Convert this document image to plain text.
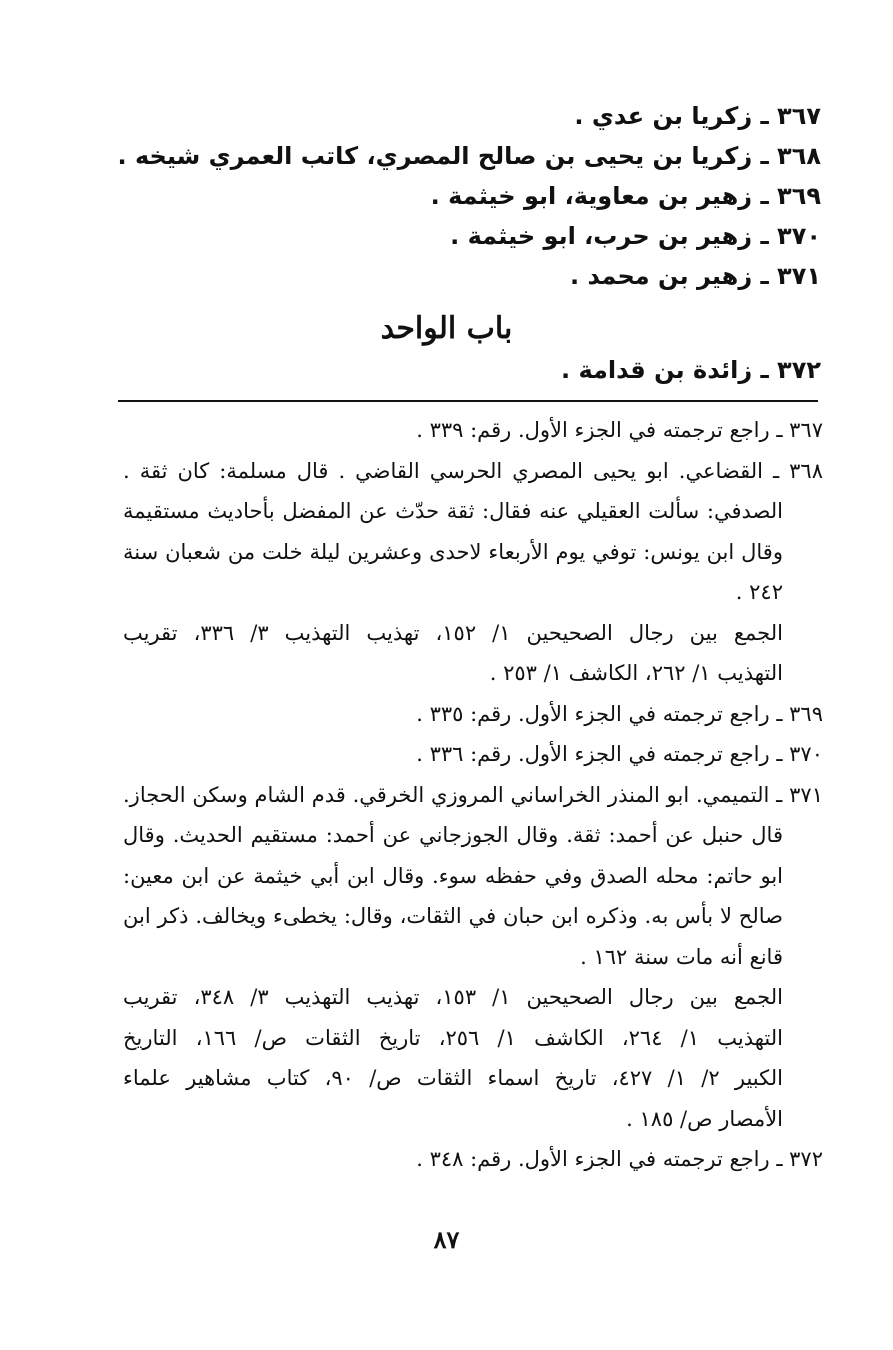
٣٦٧ ـ زكريا بن عدي .
٣٦٨ ـ زكريا بن يحيى بن صالح المصري، كاتب العمري شيخه .
٣٦٩ ـ زهير بن معاوية، ابو خيثمة .
٣٧٠ ـ زهير بن حرب، ابو خيثمة .
٣٧١ ـ زهير بن محمد .
باب الواحد
٣٧٢ ـ زائدة بن قدامة .
٣٦٧ ـ راجع ترجمته في الجزء الأول. رقم: ٣٣٩ .
٣٦٨ ـ القضاعي. ابو يحيى المصري الحرسي القاضي . قال مسلمة: كان ثقة .
الصدفي: سألت العقيلي عنه فقال: ثقة حدّث عن المفضل بأحاديث مستقيمة
وقال ابن يونس: توفي يوم الأربعاء لاحدى وعشرين ليلة خلت من شعبان سنة
٢٤٢ .
الجمع بين رجال الصحيحين ١/ ١٥٢، تهذيب التهذيب ٣/ ٣٣٦، تقريب
التهذيب ١/ ٢٦٢، الكاشف ١/ ٢٥٣ .
٣٦٩ ـ راجع ترجمته في الجزء الأول. رقم: ٣٣٥ .
٣٧٠ ـ راجع ترجمته في الجزء الأول. رقم: ٣٣٦ .
٣٧١ ـ التميمي. ابو المنذر الخراساني المروزي الخرقي. قدم الشام وسكن الحجاز.
قال حنبل عن أحمد: ثقة. وقال الجوزجاني عن أحمد: مستقيم الحديث. وقال
ابو حاتم: محله الصدق وفي حفظه سوء. وقال ابن أبي خيثمة عن ابن معين:
صالح لا بأس به. وذكره ابن حبان في الثقات، وقال: يخطىء ويخالف. ذكر ابن
قانع أنه مات سنة ١٦٢ .
الجمع بين رجال الصحيحين ١/ ١٥٣، تهذيب التهذيب ٣/ ٣٤٨، تقريب
التهذيب ١/ ٢٦٤، الكاشف ١/ ٢٥٦، تاريخ الثقات ص/ ١٦٦، التاريخ
الكبير ٢/ ١/ ٤٢٧، تاريخ اسماء الثقات ص/ ٩٠، كتاب مشاهير علماء
الأمصار ص/ ١٨٥ .
٣٧٢ ـ راجع ترجمته في الجزء الأول. رقم: ٣٤٨ .
٨٧
